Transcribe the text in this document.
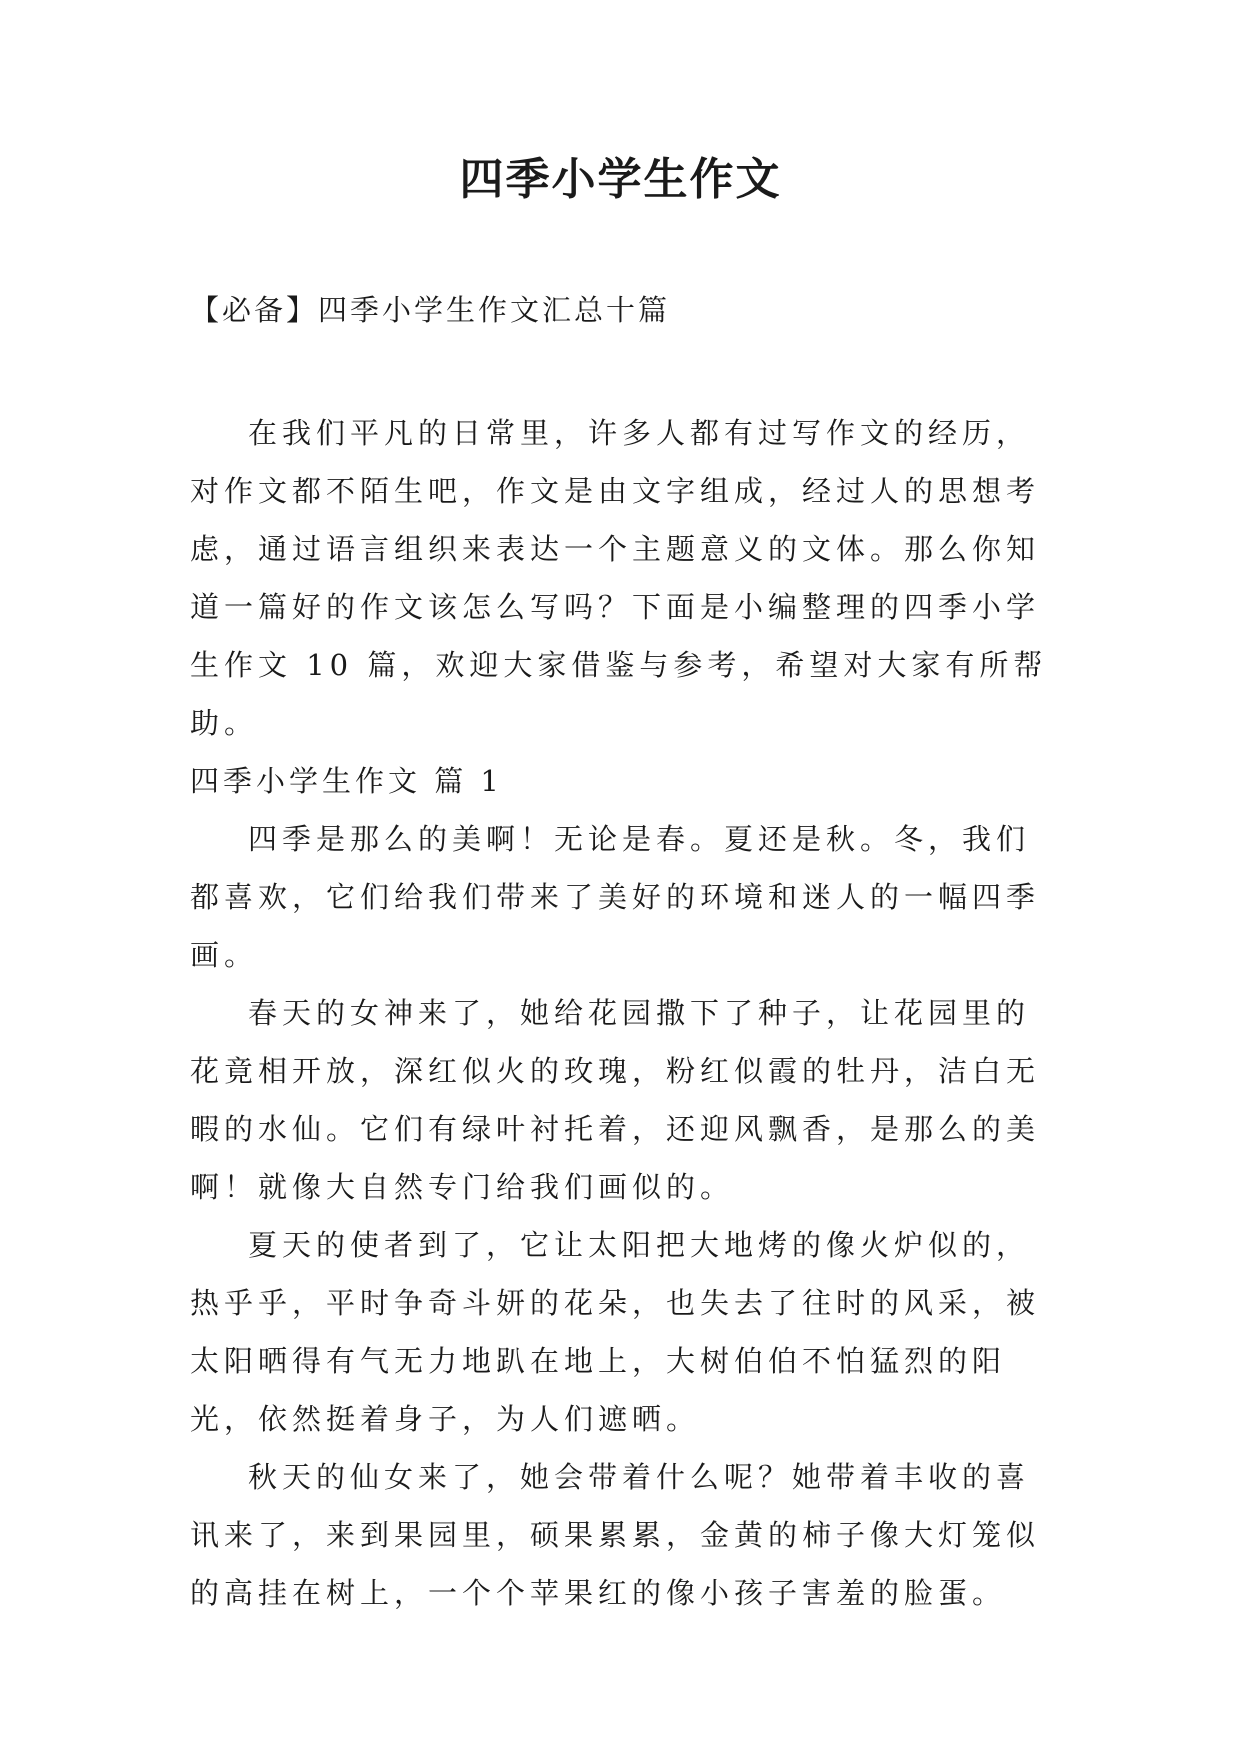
四季小学生作文

【必备】四季小学生作文汇总十篇

在我们平凡的日常里，许多人都有过写作文的经历，对作文都不陌生吧，作文是由文字组成，经过人的思想考虑，通过语言组织来表达一个主题意义的文体。那么你知道一篇好的作文该怎么写吗？下面是小编整理的四季小学生作文 10 篇，欢迎大家借鉴与参考，希望对大家有所帮助。

四季小学生作文 篇 1

四季是那么的美啊！无论是春。夏还是秋。冬，我们都喜欢，它们给我们带来了美好的环境和迷人的一幅四季画。

春天的女神来了，她给花园撒下了种子，让花园里的花竟相开放，深红似火的玫瑰，粉红似霞的牡丹，洁白无暇的水仙。它们有绿叶衬托着，还迎风飘香，是那么的美啊！就像大自然专门给我们画似的。

夏天的使者到了，它让太阳把大地烤的像火炉似的，热乎乎，平时争奇斗妍的花朵，也失去了往时的风采，被太阳晒得有气无力地趴在地上，大树伯伯不怕猛烈的阳光，依然挺着身子，为人们遮晒。

秋天的仙女来了，她会带着什么呢？她带着丰收的喜讯来了，来到果园里，硕果累累，金黄的柿子像大灯笼似的高挂在树上，一个个苹果红的像小孩子害羞的脸蛋。
